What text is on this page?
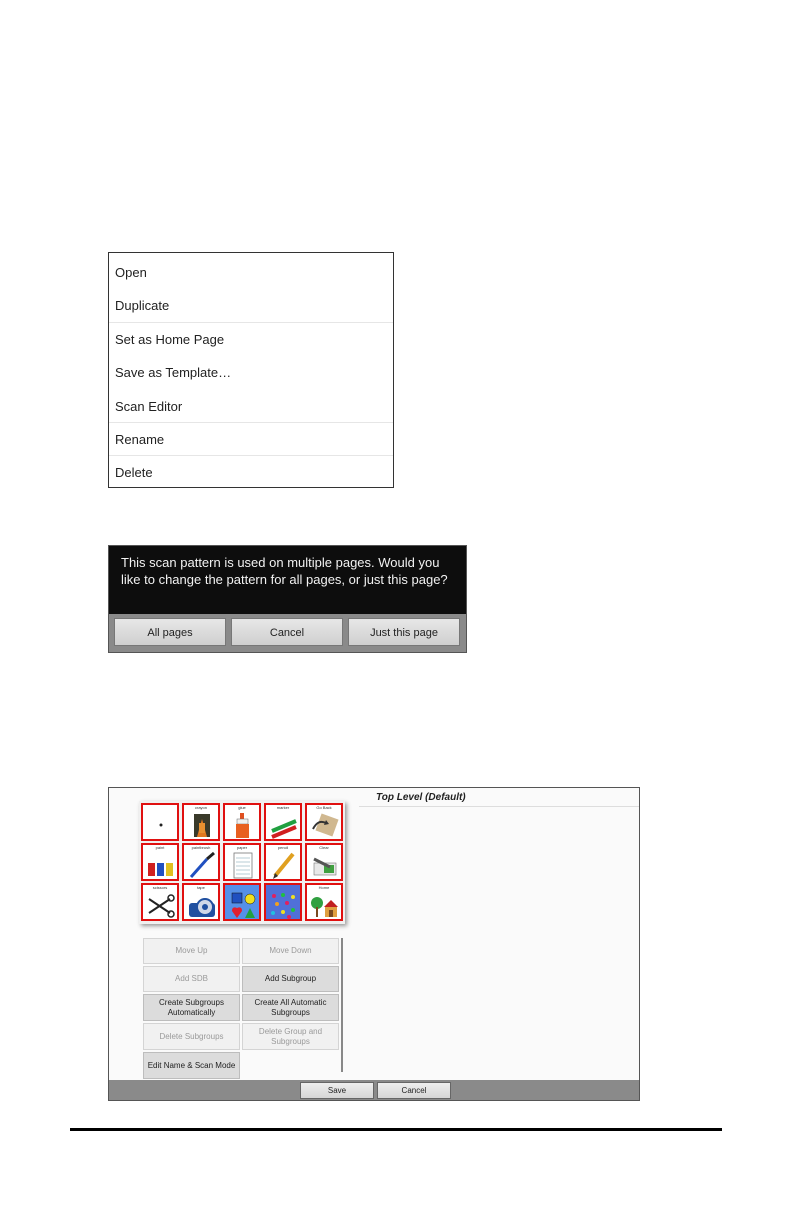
Open
Duplicate
Set as Home Page
Save as Template…
Scan Editor
Rename
Delete
This scan pattern is used on multiple pages. Would you like to change the pattern for all pages, or just this page?
All pages	Cancel	Just this page
Top Level (Default)
crayon	glue	marker	Go Back
paint	paintbrush	paper	pencil	Clear
scissors	tape	Home
Move Up	Move Down
Add SDB	Add Subgroup
Create Subgroups Automatically
Create All Automatic Subgroups
Delete Subgroups
Delete Group and Subgroups
Edit Name & Scan Mode
Save	Cancel
